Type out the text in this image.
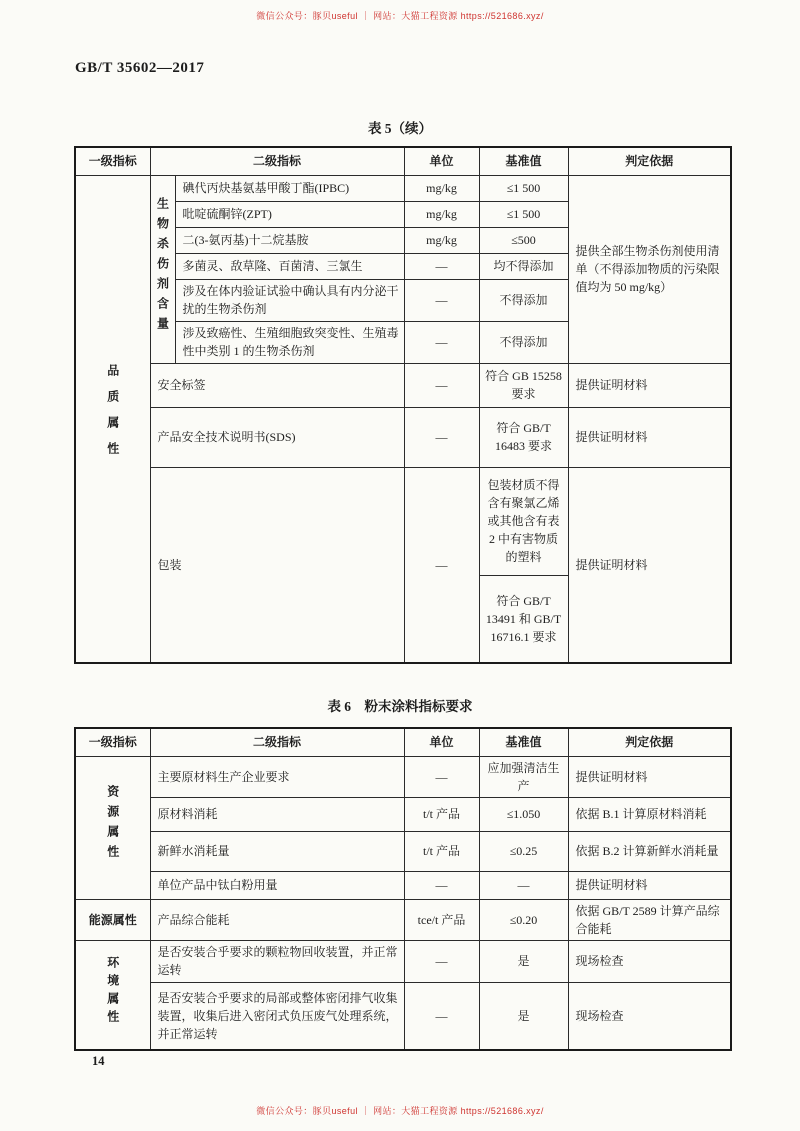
微信公众号：豚贝useful ｜ 网站：大猫工程资源 https://521686.xyz/
GB/T 35602—2017
表 5（续）
一级指标	二级指标		单位	基准值	判定依据
品质属性	生物杀伤剂含量	碘代丙炔基氨基甲酸丁酯(IPBC)	mg/kg	≤1 500	提供全部生物杀伤剂使用清单（不得添加物质的污染限值均为 50 mg/kg）
		吡啶硫酮锌(ZPT)	mg/kg	≤1 500	
		二(3-氨丙基)十二烷基胺	mg/kg	≤500	
		多菌灵、敌草隆、百菌清、三氯生	—	均不得添加	
		涉及在体内验证试验中确认具有内分泌干扰的生物杀伤剂	—	不得添加	
		涉及致癌性、生殖细胞致突变性、生殖毒性中类别 1 的生物杀伤剂	—	不得添加	
	安全标签		—	符合 GB 15258 要求	提供证明材料
	产品安全技术说明书(SDS)		—	符合 GB/T 16483 要求	提供证明材料
	包装		—	包装材质不得含有聚氯乙烯或其他含有表 2 中有害物质的塑料	提供证明材料
				符合 GB/T 13491 和 GB/T 16716.1 要求	
表 6　粉末涂料指标要求
一级指标	二级指标	单位	基准值	判定依据
资源属性	主要原材料生产企业要求	—	应加强清洁生产	提供证明材料
	原材料消耗	t/t 产品	≤1.050	依据 B.1 计算原材料消耗
	新鲜水消耗量	t/t 产品	≤0.25	依据 B.2 计算新鲜水消耗量
	单位产品中钛白粉用量	—	—	提供证明材料
能源属性	产品综合能耗	tce/t 产品	≤0.20	依据 GB/T 2589 计算产品综合能耗
环境属性	是否安装合乎要求的颗粒物回收装置，并正常运转	—	是	现场检查
	是否安装合乎要求的局部或整体密闭排气收集装置，收集后进入密闭式负压废气处理系统，并正常运转	—	是	现场检查
14
微信公众号：豚贝useful ｜ 网站：大猫工程资源 https://521686.xyz/
